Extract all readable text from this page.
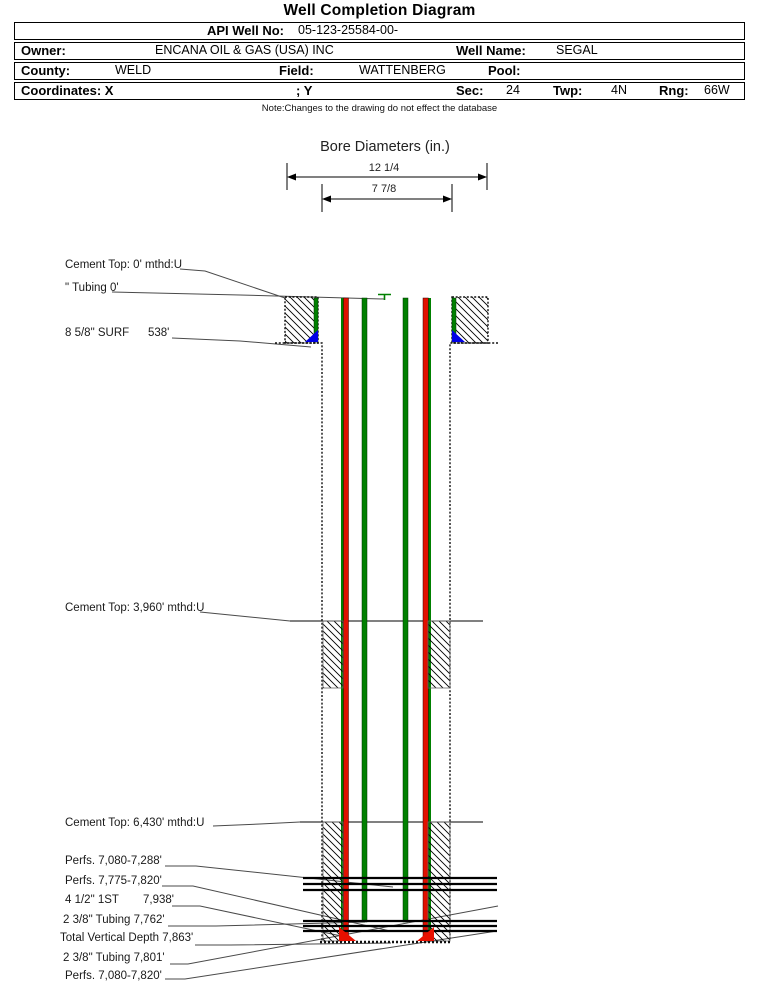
Well Completion Diagram
API Well No: 05-123-25584-00-
Owner:	ENCANA OIL & GAS (USA) INC	Well Name: SEGAL
County:	WELD	Field:	WATTENBERG	Pool:
Coordinates: X	; Y	Sec: 24	Twp: 4N Rng: 66W
Note:Changes to the drawing do not effect the database
Bore Diameters (in.)
12 1/4
7 7/8
Cement Top: 0' mthd:U
" Tubing 0'
8 5/8" SURF 538'
Cement Top: 3,960' mthd:U
Cement Top: 6,430' mthd:U
Perfs. 7,080-7,288'
Perfs. 7,775-7,820'
4 1/2" 1ST 7,938'
2 3/8" Tubing 7,762'
Total Vertical Depth 7,863'
2 3/8" Tubing 7,801'
Perfs. 7,080-7,820'
